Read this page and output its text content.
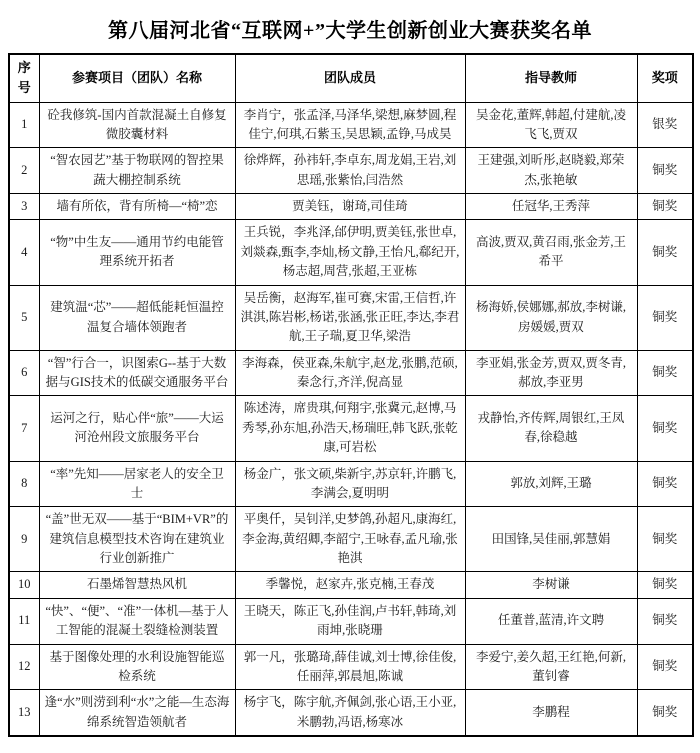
第八届河北省“互联网+”大学生创新创业大赛获奖名单
序号	参赛项目（团队）名称	团队成员	指导教师	奖项
1	砼我修筑-国内首款混凝土自修复微胶囊材料	李肖宁，张孟泽,马泽华,梁想,麻梦圆,程佳宁,何琪,石紫玉,吴思颖,孟铮,马成昊	吴金花,董辉,韩超,付建航,凌飞飞,贾双	银奖
2	“智农园艺”基于物联网的智控果蔬大棚控制系统	徐烨辉，孙祎轩,李卓东,周龙娟,王岩,刘思瑶,张紫怡,闫浩然	王建强,刘昕彤,赵晓毅,郑荣杰,张艳敏	铜奖
3	墙有所依，背有所椅—“椅”恋	贾美钰，谢琦,司佳琦	任冠华,王秀萍	铜奖
4	“物”中生友——通用节约电能管理系统开拓者	王兵锐，李兆泽,邰伊明,贾美钰,张世卓,刘燚森,甄李,李灿,杨文静,王怡凡,郗纪开,杨志超,周营,张超,王亚栋	高波,贾双,黄召雨,张金芳,王希平	铜奖
5	建筑温“芯”——超低能耗恒温控温复合墙体领跑者	吴岳衡，赵海军,崔可赛,宋雷,王信哲,许淇淇,陈岩彬,杨诺,张涵,张正旺,李达,李君航,王子瑞,夏卫华,梁浩	杨海娇,侯娜娜,郝放,李树谦,房媛媛,贾双	铜奖
6	“智”行合一，识图索G--基于大数据与GIS技术的低碳交通服务平台	李海森，侯亚森,朱航宇,赵龙,张鹏,范硕,秦念行,齐洋,倪高显	李亚娟,张金芳,贾双,贾冬青,郝放,李亚男	铜奖
7	运河之行，贴心伴“旅”——大运河沧州段文旅服务平台	陈述涛，席贵琪,何翔宇,张冀元,赵博,马秀琴,孙东旭,孙浩天,杨瑞旺,韩飞跃,张乾康,可岩松	戎静怡,齐传辉,周银红,王凤春,徐稳越	铜奖
8	“率”先知——居家老人的安全卫士	杨金广，张文硕,柴新宇,苏京轩,许鹏飞,李满会,夏明明	郭放,刘辉,王璐	铜奖
9	“盖”世无双——基于“BIM+VR”的建筑信息模型技术咨询在建筑业行业创新推广	平奥仟，吴钊洋,史梦鸽,孙超凡,康海红,李金海,黄绍卿,李韶宁,王咏春,孟凡瑜,张艳淇	田国锋,吴佳丽,郭慧娟	铜奖
10	石墨烯智慧热风机	季馨悦，赵家卉,张克楠,王春茂	李树谦	铜奖
11	“快”、“便”、“准”一体机—基于人工智能的混凝土裂缝检测装置	王晓天，陈正飞,孙佳润,卢书轩,韩琦,刘雨坤,张晓珊	任董普,蓝清,许文聘	铜奖
12	基于图像处理的水利设施智能巡检系统	郭一凡，张璐琦,薛佳诚,刘士博,徐佳俊,任丽萍,郭晨旭,陈诚	李爱宁,姜久超,王红艳,何新,董钊睿	铜奖
13	逢“水”则涝到利“水”之能—生态海绵系统智造领航者	杨宇飞，陈宇航,齐佩剑,张心语,王小亚,米鹏勃,冯语,杨寒冰	李鹏程	铜奖
